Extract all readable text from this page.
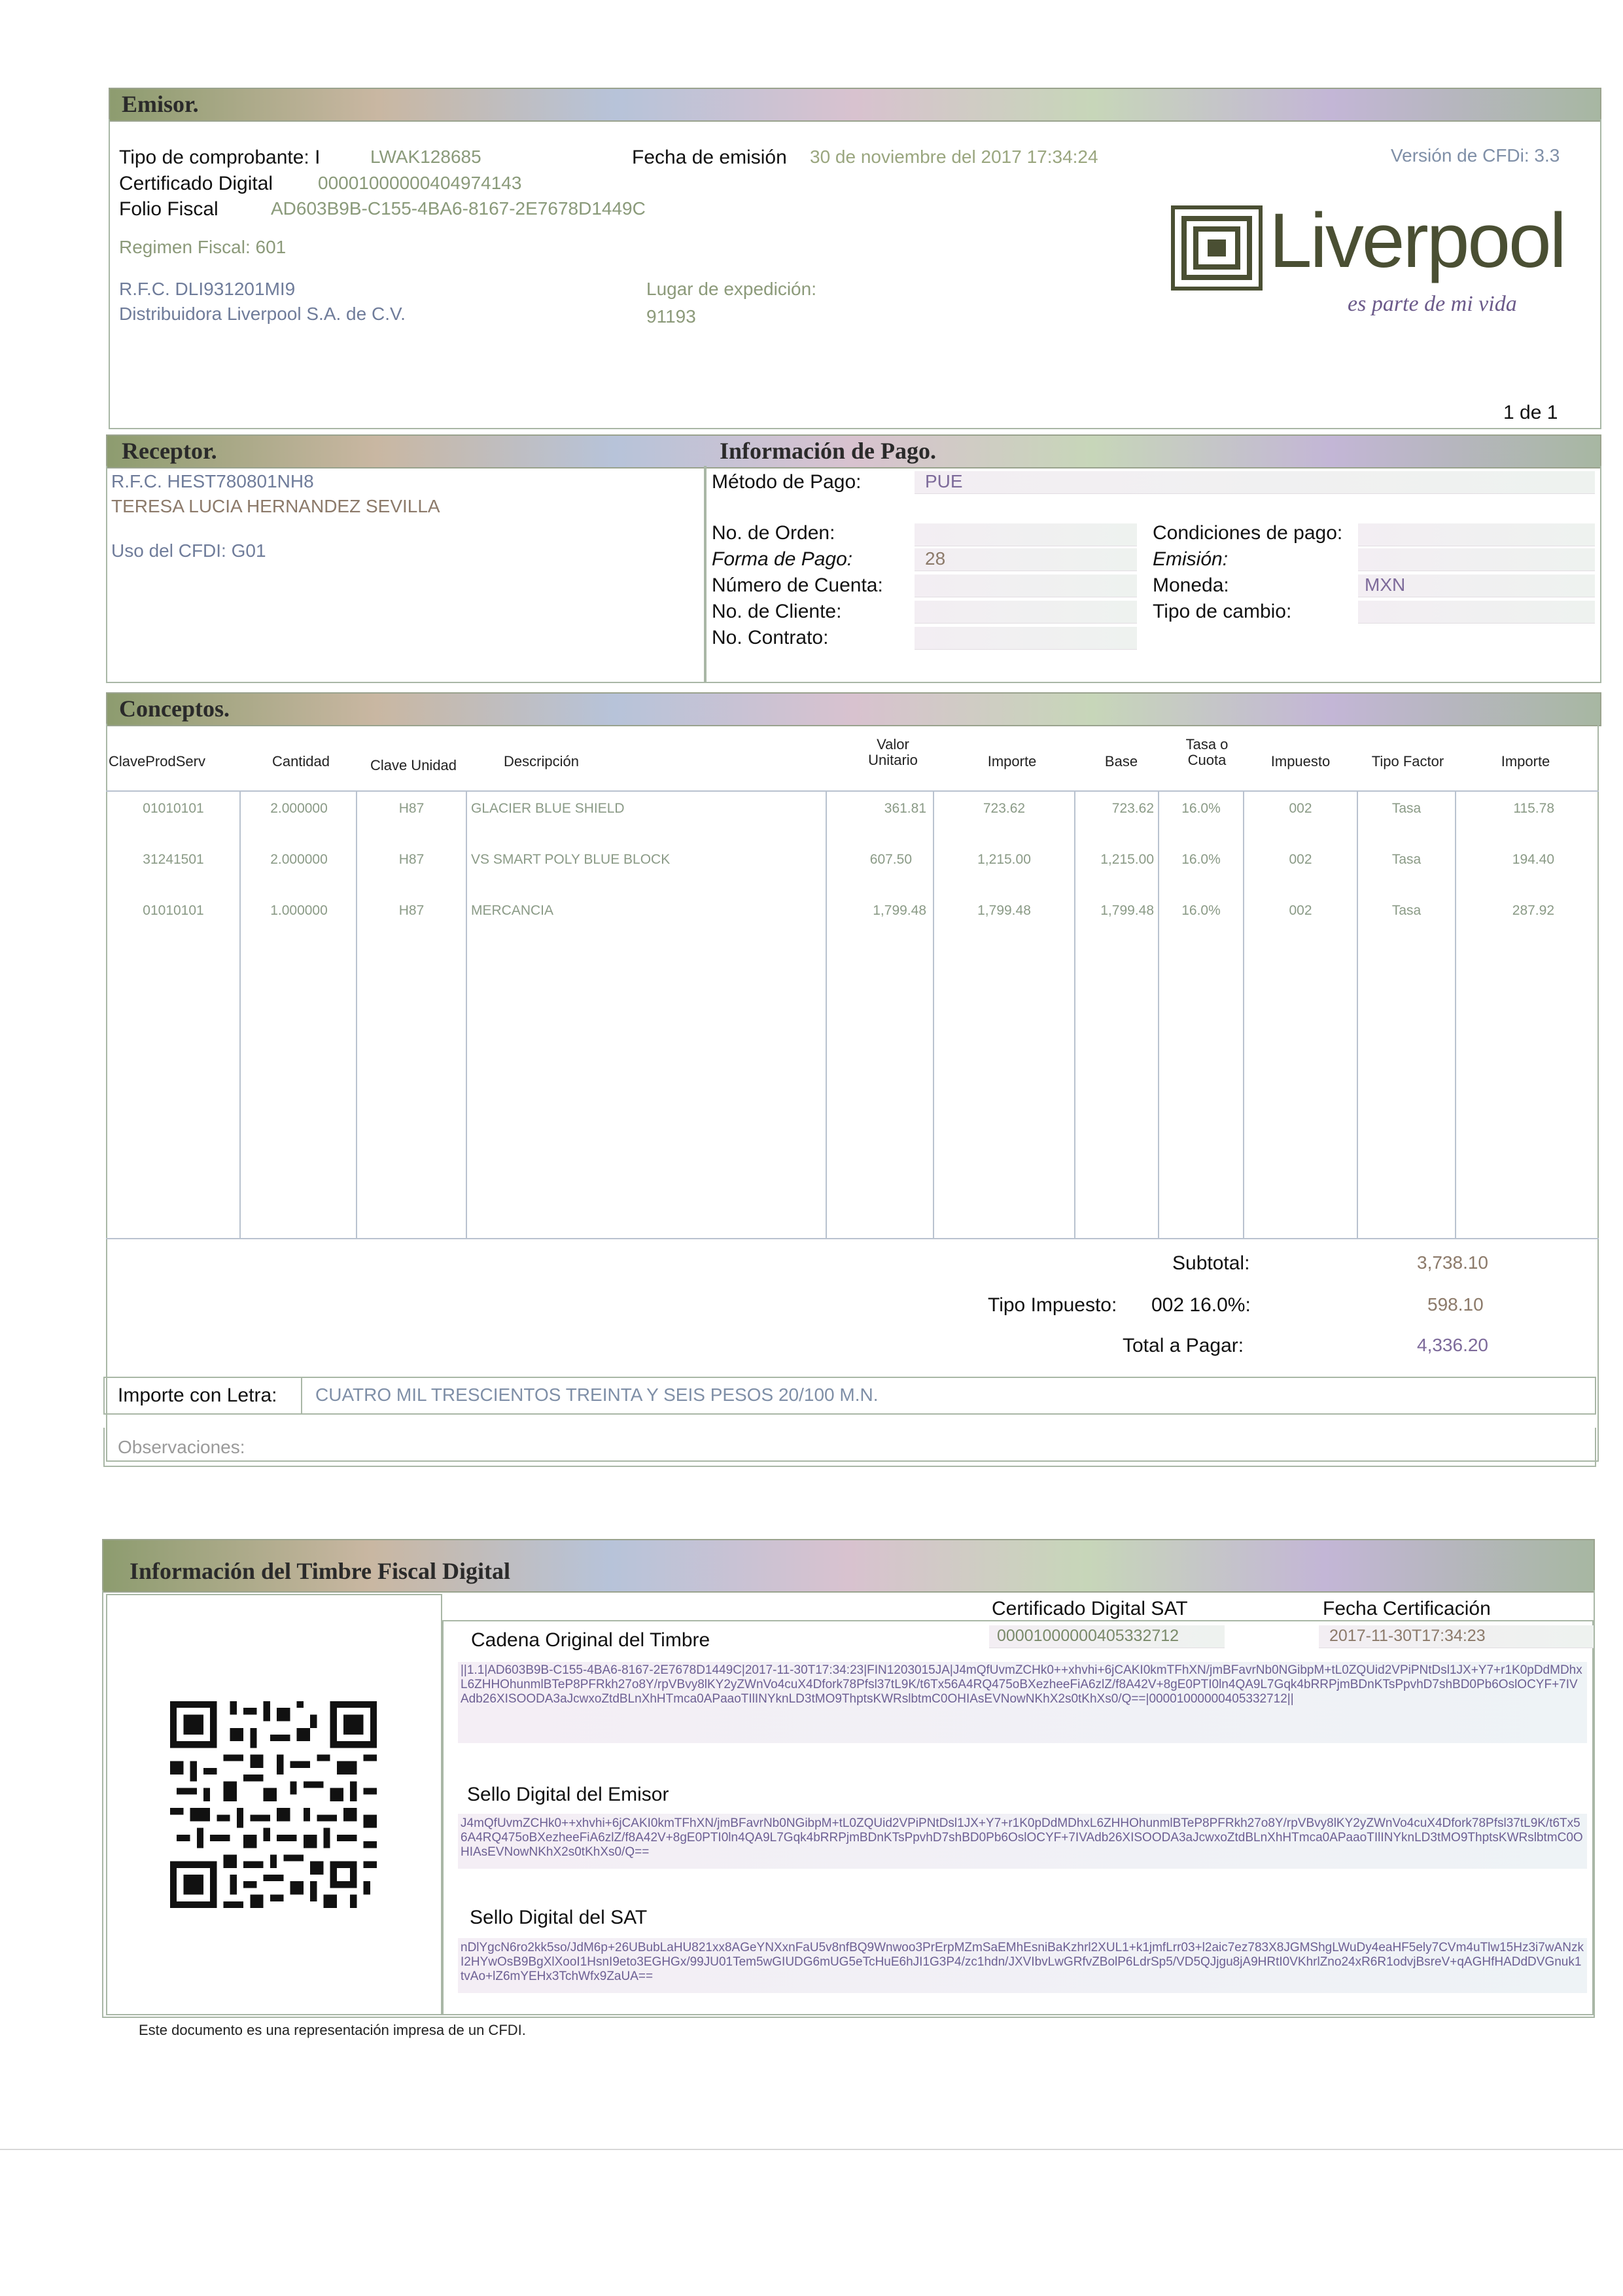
Emisor.
Tipo de comprobante: I	LWAK128685	Fecha de emisión 30 de noviembre del 2017 17:34:24	Versión de CFDi: 3.3
Certificado Digital 00001000000404974143
Folio Fiscal	AD603B9B-C155-4BA6-8167-2E7678D1449C
Regimen Fiscal: 601
R.F.C. DLI931201MI9
Distribuidora Liverpool S.A. de C.V.
Lugar de expedición:
91193
Liverpool
es parte de mi vida
1 de 1
Receptor.	Información de Pago.
R.F.C. HEST780801NH8
TERESA LUCIA HERNANDEZ SEVILLA
Uso del CFDI: G01
Método de Pago:	PUE
No. de Orden:
Forma de Pago:	28
Número de Cuenta:
No. de Cliente:
No. Contrato:
Condiciones de pago:
Emisión:
Moneda:	MXN
Tipo de cambio:
Conceptos.
ClaveProdServ	Cantidad	Clave Unidad	Descripción
Valor Unitario	Importe	Base
Tasa o Cuota	Impuesto	Tipo Factor	Importe
01010101	2.000000	H87	GLACIER BLUE SHIELD	361.81	723.62	723.62	16.0%	002	Tasa	115.78
31241501	2.000000	H87	VS SMART POLY BLUE BLOCK	607.50	1,215.00	1,215.00	16.0%	002	Tasa	194.40
01010101	1.000000	H87	MERCANCIA	1,799.48	1,799.48	1,799.48	16.0%	002	Tasa	287.92
Subtotal:	3,738.10
Tipo Impuesto: 002 16.0%:	598.10
Total a Pagar:	4,336.20
Importe con Letra: CUATRO MIL TRESCIENTOS TREINTA Y SEIS PESOS 20/100 M.N.
Observaciones:
Información del Timbre Fiscal Digital
Certificado Digital SAT
00001000000405332712
Fecha Certificación
2017-11-30T17:34:23
Cadena Original del Timbre
||1.1|AD603B9B-C155-4BA6-8167-2E7678D1449C|2017-11-30T17:34:23|FIN1203015JA|J4mQfUvmZCHk0++xhvhi+6jCAKI0kmTFhXN/jmBFavrNb0NGibpM+tL0ZQUid2VPiPNtDsl1JX+Y7+r1K0pDdMDhxL6ZHHOhunmlBTeP8PFRkh27o8Y/rpVBvy8lKY2yZWnVo4cuX4Dfork78Pfsl37tL9K/t6Tx56A4RQ475oBXezheeFiA6zlZ/f8A42V+8gE0PTI0ln4QA9L7Gqk4bRRPjmBDnKTsPpvhD7shBD0Pb6OslOCYF+7IVAdb26XISOODA3aJcwxoZtdBLnXhHTmca0APaaoTIlINYknLD3tMO9ThptsKWRslbtmC0OHIAsEVNowNKhX2s0tKhXs0/Q==|00001000000405332712||
Sello Digital del Emisor
J4mQfUvmZCHk0++xhvhi+6jCAKI0kmTFhXN/jmBFavrNb0NGibpM+tL0ZQUid2VPiPNtDsl1JX+Y7+r1K0pDdMDhxL6ZHHOhunmlBTeP8PFRkh27o8Y/rpVBvy8lKY2yZWnVo4cuX4Dfork78Pfsl37tL9K/t6Tx56A4RQ475oBXezheeFiA6zlZ/f8A42V+8gE0PTI0ln4QA9L7Gqk4bRRPjmBDnKTsPpvhD7shBD0Pb6OslOCYF+7IVAdb26XISOODA3aJcwxoZtdBLnXhHTmca0APaaoTIlINYknLD3tMO9ThptsKWRslbtmC0OHIAsEVNowNKhX2s0tKhXs0/Q==
Sello Digital del SAT
nDlYgcN6ro2kk5so/JdM6p+26UBubLaHU821xx8AGeYNXxnFaU5v8nfBQ9Wnwoo3PrErpMZmSaEMhEsniBaKzhrl2XUL1+k1jmfLrr03+l2aic7ez783X8JGMShgLWuDy4eaHF5ely7CVm4uTlw15Hz3i7wANzkI2HYwOsB9BgXlXooI1HsnI9eto3EGHGx/99JU01Tem5wGIUDG6mUG5eTcHuE6hJI1G3P4/zc1hdn/JXVIbvLwGRfvZBolP6LdrSp5/VD5QJjgu8jA9HRtI0VKhrlZno24xR6R1odvjBsreV+qAGHfHADdDVGnuk1tvAo+lZ6mYEHx3TchWfx9ZaUA==
Este documento es una representación impresa de un CFDI.
